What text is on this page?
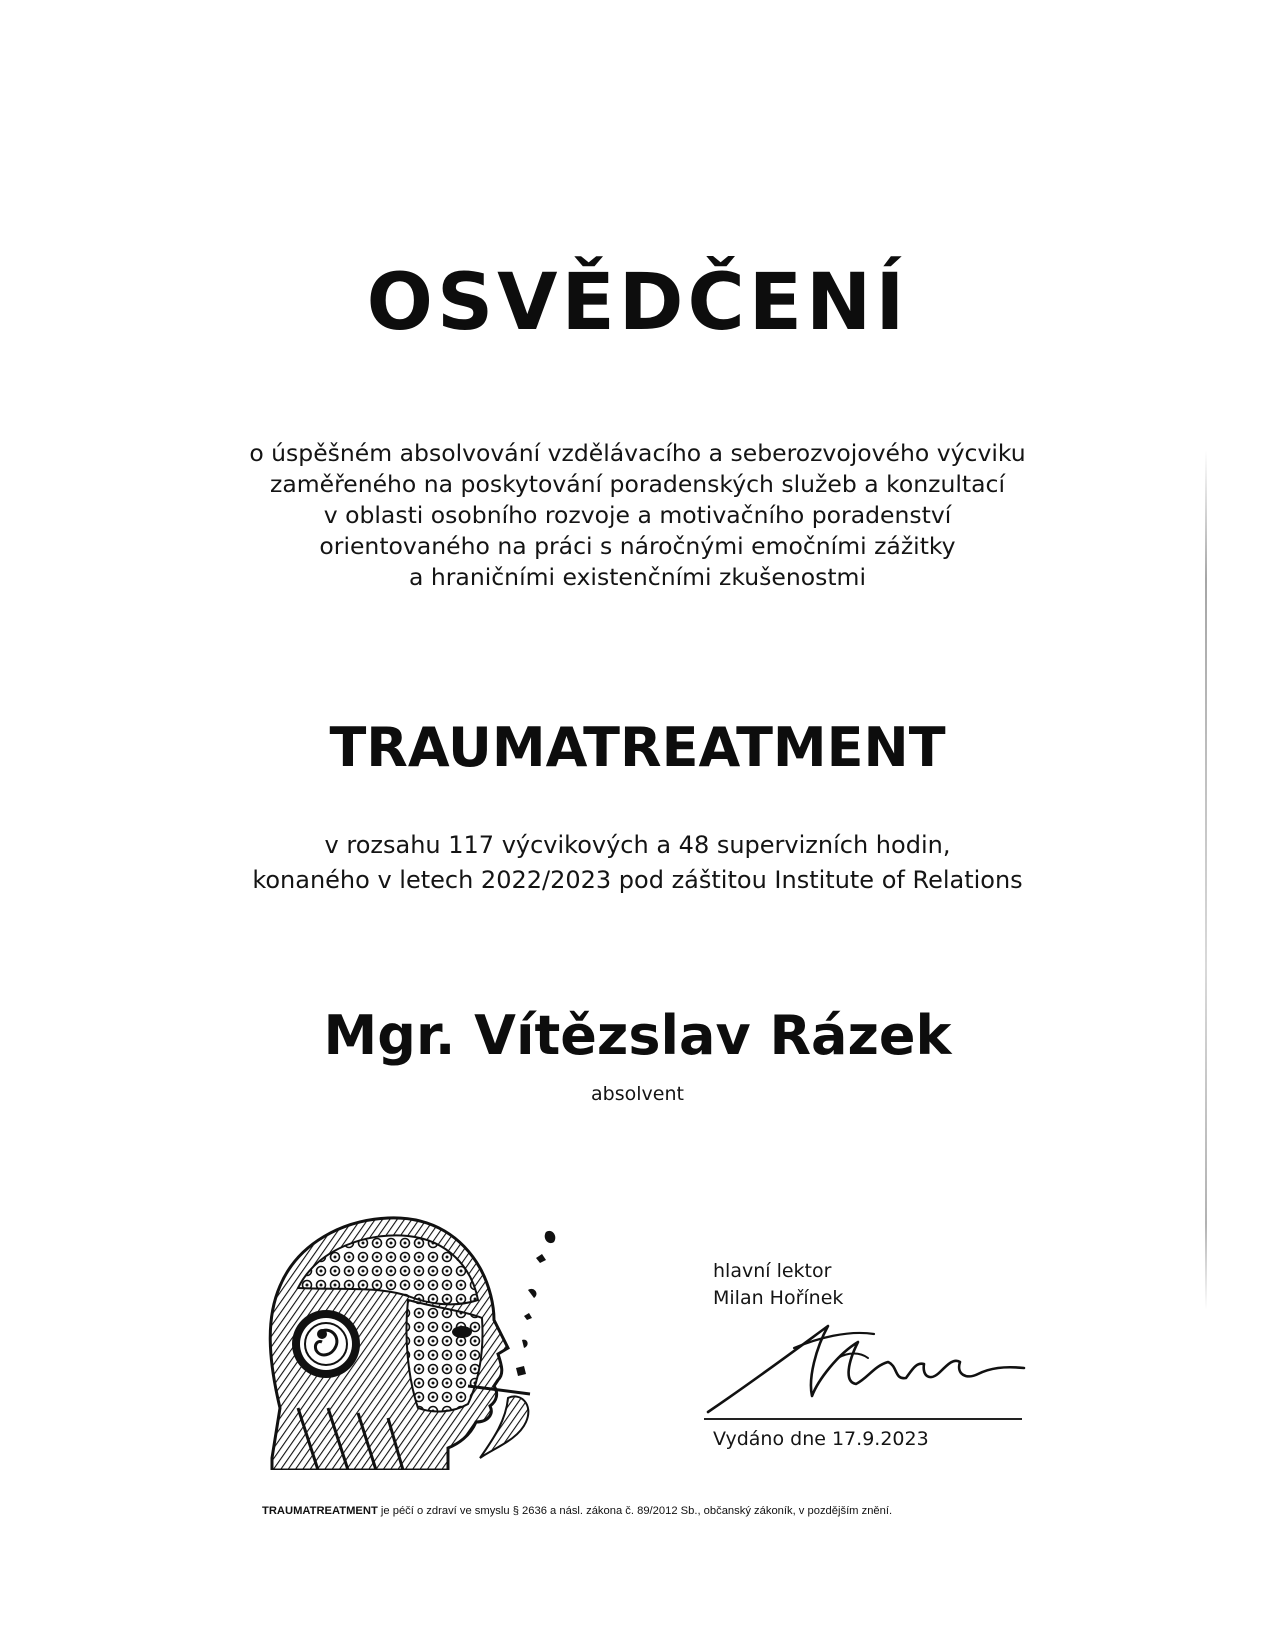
OSVĚDČENÍ
o úspěšném absolvování vzdělávacího a seberozvojového výcviku
zaměřeného na poskytování poradenských služeb a konzultací
v oblasti osobního rozvoje a motivačního poradenství
orientovaného na práci s náročnými emočními zážitky
a hraničními existenčními zkušenostmi
TRAUMATREATMENT
v rozsahu 117 výcvikových a 48 supervizních hodin,
konaného v letech 2022/2023 pod záštitou Institute of Relations
Mgr. Vítězslav Rázek
absolvent
hlavní lektor
Milan Hořínek
Vydáno dne 17.9.2023
TRAUMATREATMENT je péčí o zdraví ve smyslu § 2636 a násl. zákona č. 89/2012 Sb., občanský zákoník, v pozdějším znění.
